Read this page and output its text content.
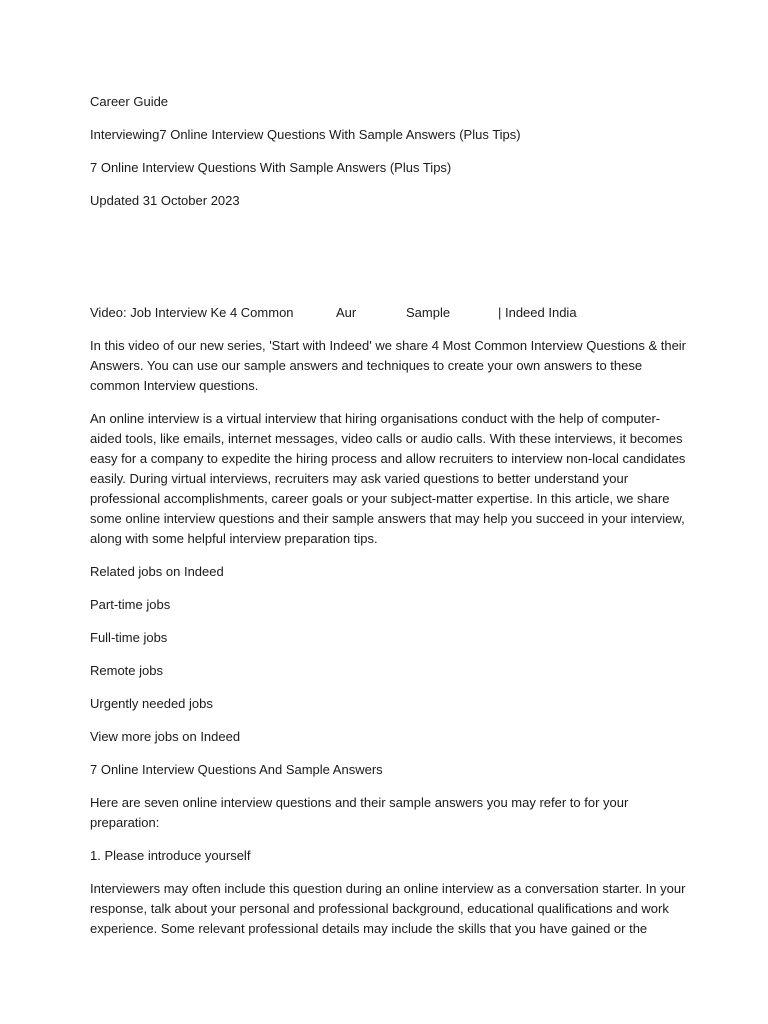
Career Guide

Interviewing7 Online Interview Questions With Sample Answers (Plus Tips)

7 Online Interview Questions With Sample Answers (Plus Tips)

Updated 31 October 2023

Video: Job Interview Ke 4 Common	Aur	Sample	| Indeed India

In this video of our new series, 'Start with Indeed' we share 4 Most Common Interview Questions & their Answers. You can use our sample answers and techniques to create your own answers to these common Interview questions.

An online interview is a virtual interview that hiring organisations conduct with the help of computer-aided tools, like emails, internet messages, video calls or audio calls. With these interviews, it becomes easy for a company to expedite the hiring process and allow recruiters to interview non-local candidates easily. During virtual interviews, recruiters may ask varied questions to better understand your professional accomplishments, career goals or your subject-matter expertise. In this article, we share some online interview questions and their sample answers that may help you succeed in your interview, along with some helpful interview preparation tips.

Related jobs on Indeed

Part-time jobs

Full-time jobs

Remote jobs

Urgently needed jobs

View more jobs on Indeed

7 Online Interview Questions And Sample Answers

Here are seven online interview questions and their sample answers you may refer to for your preparation:

1. Please introduce yourself

Interviewers may often include this question during an online interview as a conversation starter. In your response, talk about your personal and professional background, educational qualifications and work experience. Some relevant professional details may include the skills that you have gained or the
